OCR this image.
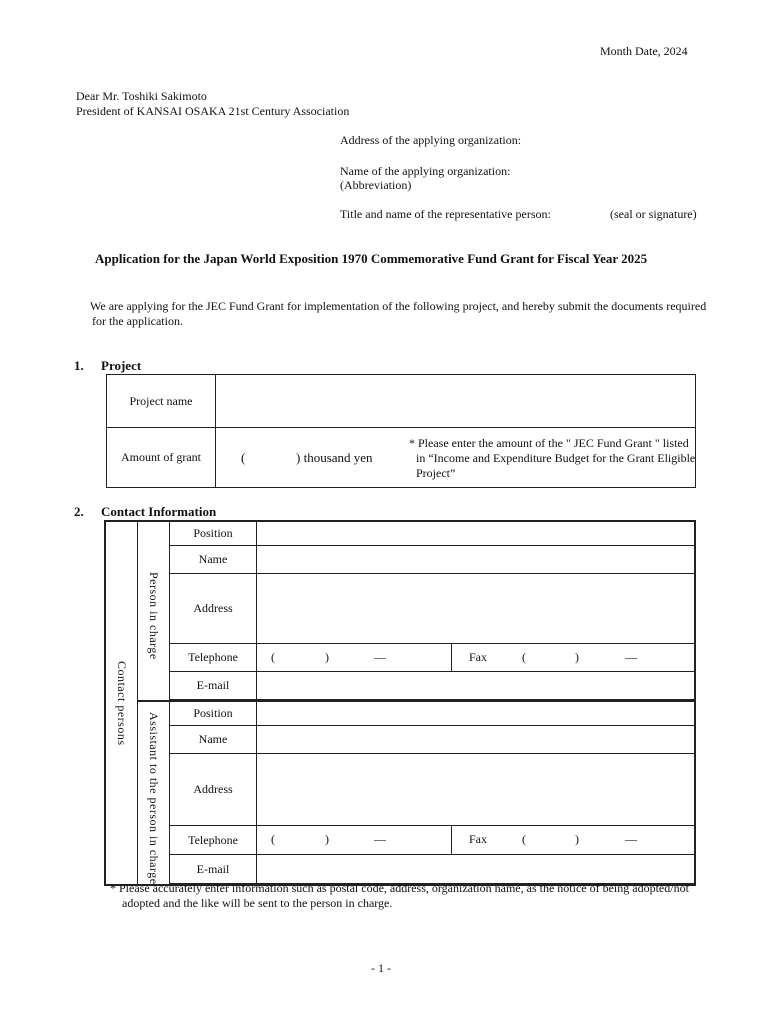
Month Date, 2024
Dear Mr. Toshiki Sakimoto
President of KANSAI OSAKA 21st Century Association
Address of the applying organization:
Name of the applying organization:
(Abbreviation)
Title and name of the representative person:	(seal or signature)
Application for the Japan World Exposition 1970 Commemorative Fund Grant for Fiscal Year 2025
We are applying for the JEC Fund Grant for implementation of the following project, and hereby submit the documents required
for the application.
1. Project
Project name	
Amount of grant	( ) thousand yen
* Please enter the amount of the " JEC Fund Grant " listed
in “Income and Expenditure Budget for the Grant Eligible
Project”
2. Contact Information
Contact persons	Person in charge	Position		
		Name		
		Address		
		Telephone	( ) — Fax	( ) —

		E-mail		

	Assistant to the person in charge	Position		
		Name		
		Address		
		Telephone	( ) — Fax	( ) —

		E-mail		

* Please accurately enter information such as postal code, address, organization name, as the notice of being adopted/not
adopted and the like will be sent to the person in charge.
- 1 -
